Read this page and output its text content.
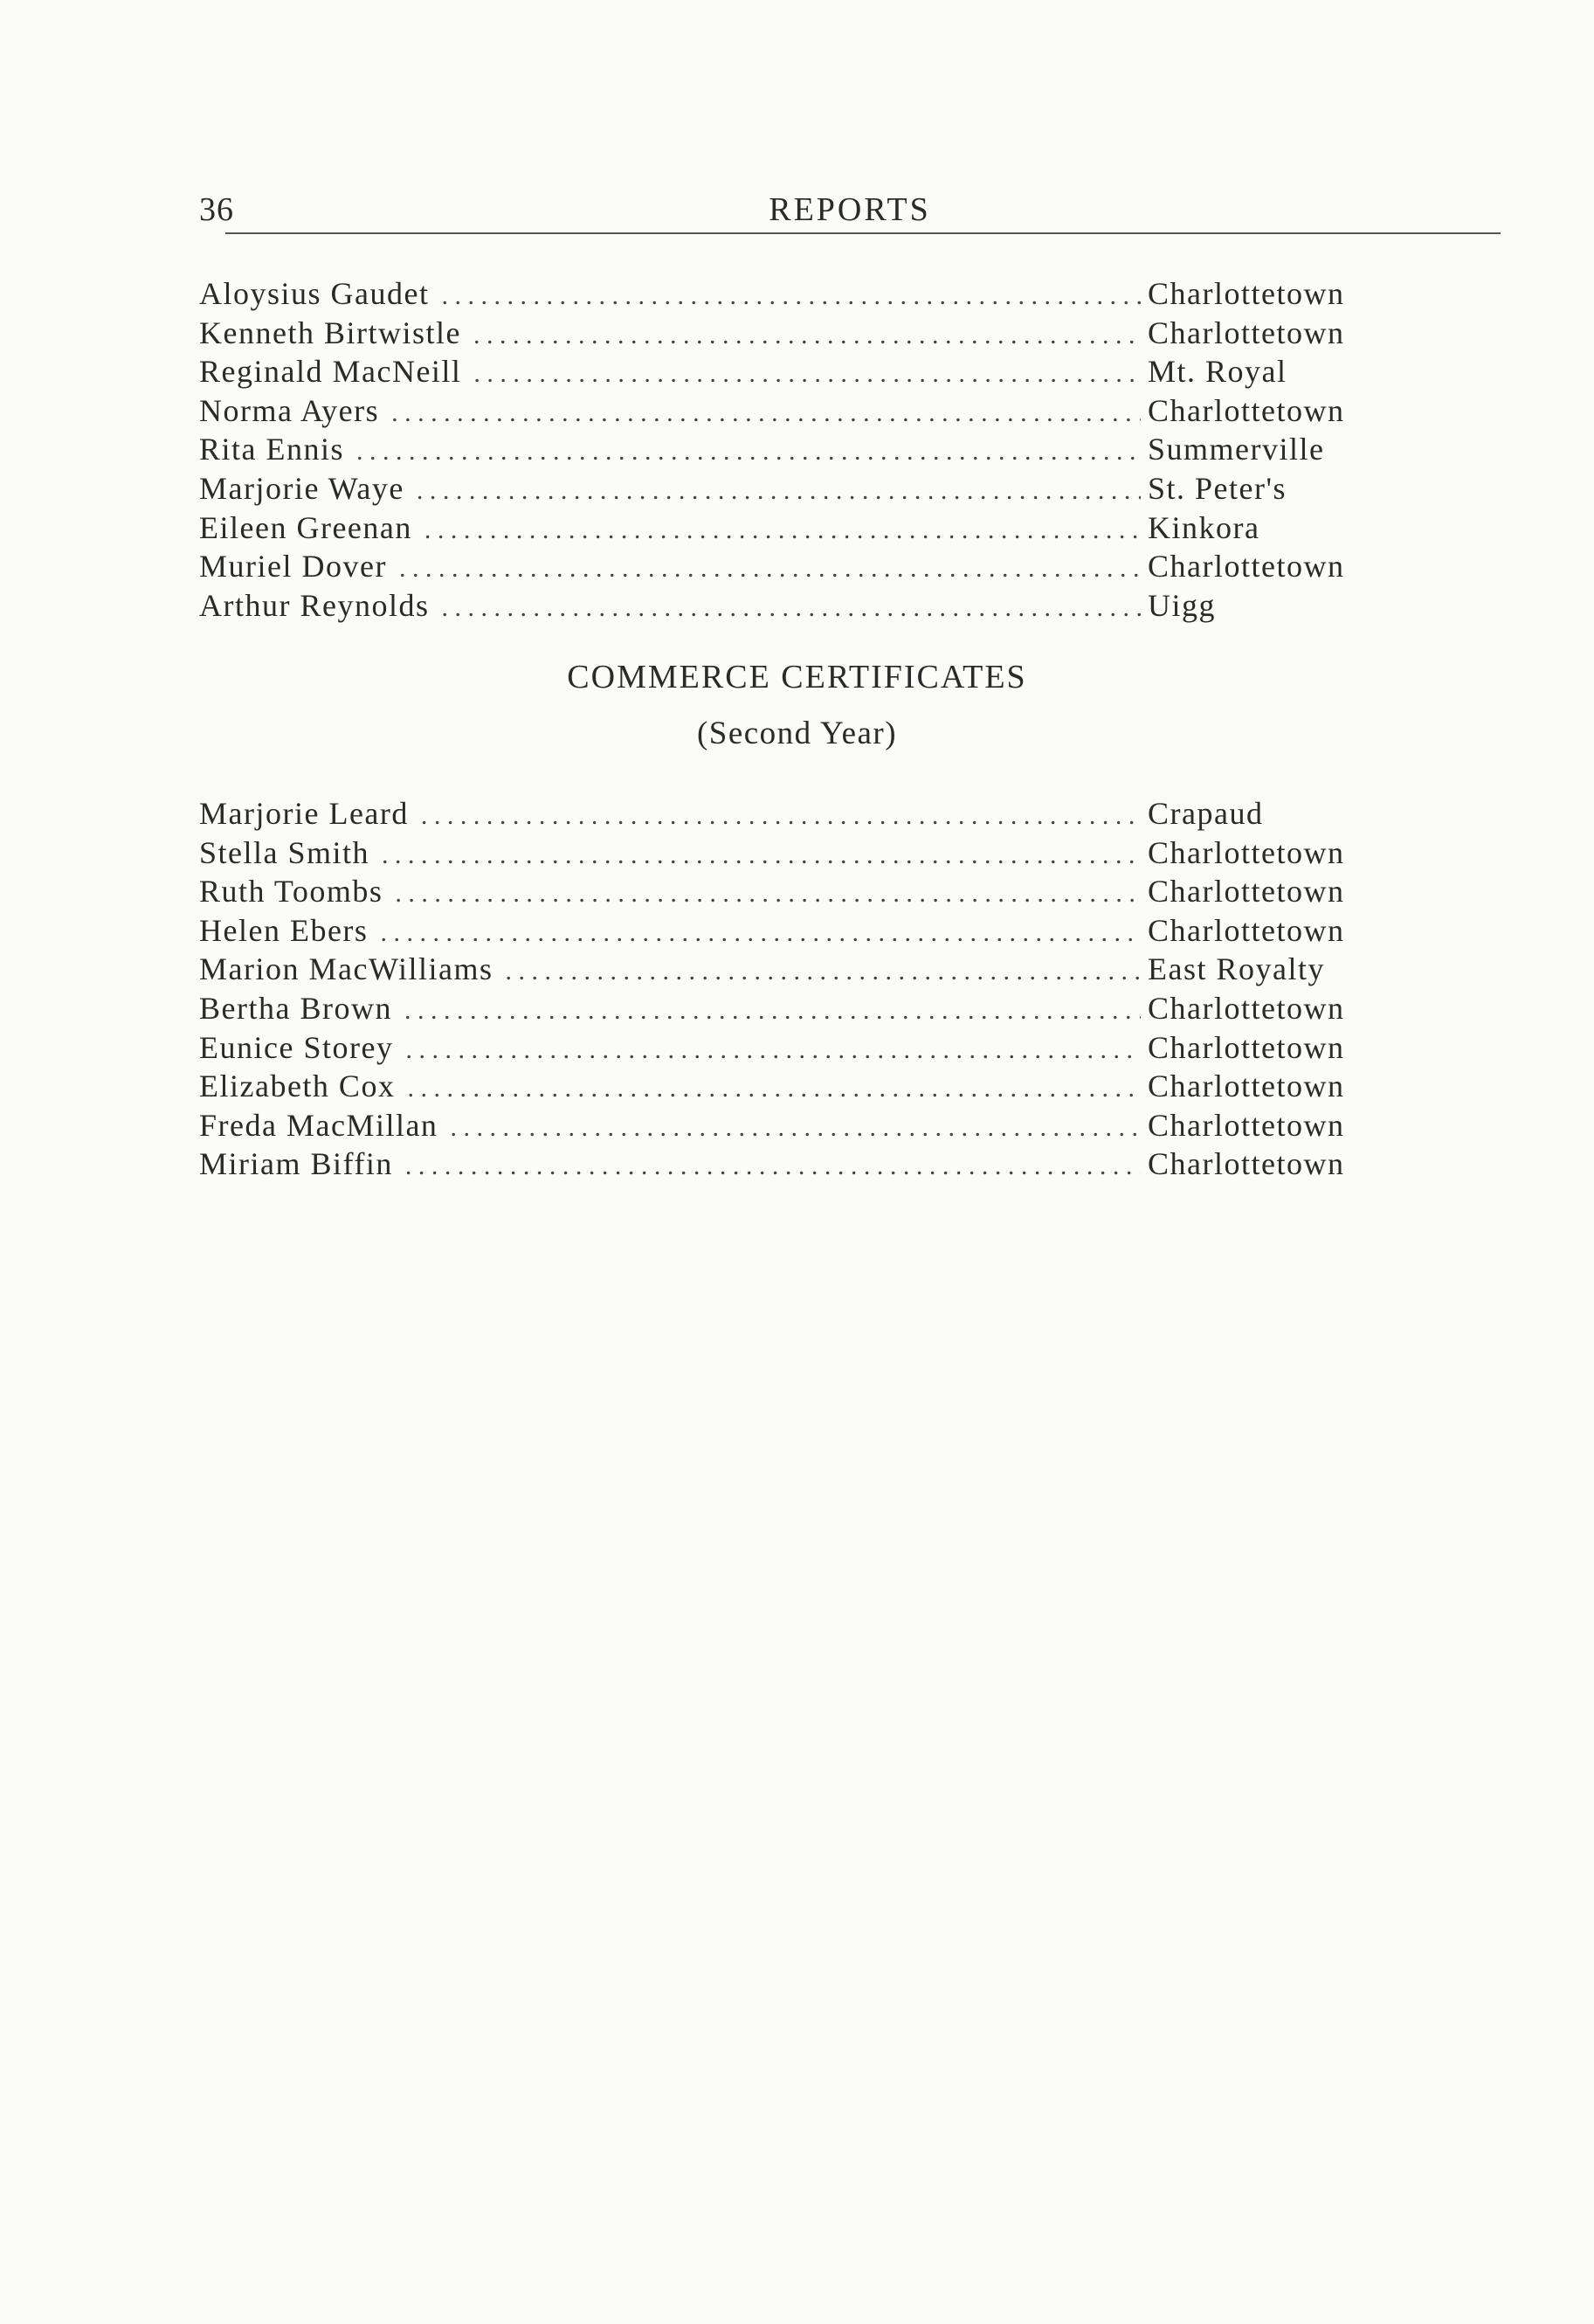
36	REPORTS
Aloysius Gaudet . . .	Charlottetown
Kenneth Birtwistle . . .	Charlottetown
Reginald MacNeill . . .	Mt. Royal
Norma Ayers . . .	Charlottetown
Rita Ennis . . .	Summerville
Marjorie Waye . . .	St. Peter's
Eileen Greenan . . .	Kinkora
Muriel Dover . . .	Charlottetown
Arthur Reynolds . . .	Uigg
COMMERCE CERTIFICATES
(Second Year)
Marjorie Leard . . .	Crapaud
Stella Smith . . .	Charlottetown
Ruth Toombs . . .	Charlottetown
Helen Ebers . . .	Charlottetown
Marion MacWilliams . . .	East Royalty
Bertha Brown . . .	Charlottetown
Eunice Storey . . .	Charlottetown
Elizabeth Cox . . .	Charlottetown
Freda MacMillan . . .	Charlottetown
Miriam Biffin . . .	Charlottetown
